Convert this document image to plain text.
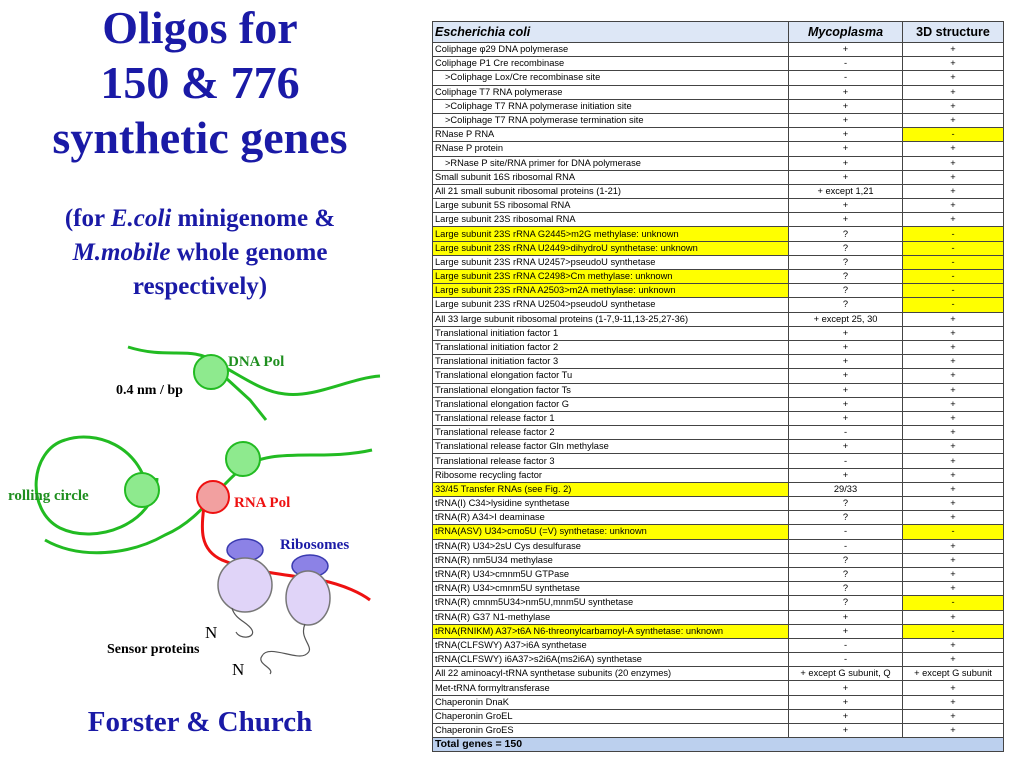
Oligos for
150 & 776
synthetic genes
(for E.coli minigenome &
M.mobile whole genome
respectively)
DNA Pol
0.4 nm / bp
rolling circle	RNA Pol
Ribosomes
N
Sensor proteins
N
Forster & Church
Escherichia coli	Mycoplasma	3D structure
Coliphage φ29 DNA polymerase	+	+
Coliphage P1 Cre recombinase	-	+
>Coliphage Lox/Cre recombinase site	-	+
Coliphage T7 RNA polymerase	+	+
>Coliphage T7 RNA polymerase initiation site	+	+
>Coliphage T7 RNA polymerase termination site	+	+
RNase P RNA	+	-
RNase P protein	+	+
>RNase P site/RNA primer for DNA polymerase	+	+
Small subunit 16S ribosomal RNA	+	+
All 21 small subunit ribosomal proteins (1-21)	+ except 1,21	+
Large subunit 5S ribosomal RNA	+	+
Large subunit 23S ribosomal RNA	+	+
Large subunit 23S rRNA G2445>m2G methylase: unknown	?	-
Large subunit 23S rRNA U2449>dihydroU synthetase: unknown	?	-
Large subunit 23S rRNA U2457>pseudoU synthetase	?	-
Large subunit 23S rRNA C2498>Cm methylase: unknown	?	-
Large subunit 23S rRNA A2503>m2A methylase: unknown	?	-
Large subunit 23S rRNA U2504>pseudoU synthetase	?	-
All 33 large subunit ribosomal proteins (1-7,9-11,13-25,27-36)	+ except 25, 30	+
Translational initiation factor 1	+	+
Translational initiation factor 2	+	+
Translational initiation factor 3	+	+
Translational elongation factor Tu	+	+
Translational elongation factor Ts	+	+
Translational elongation factor G	+	+
Translational release factor 1	+	+
Translational release factor 2	-	+
Translational release factor Gln methylase	+	+
Translational release factor 3	-	+
Ribosome recycling factor	+	+
33/45 Transfer RNAs (see Fig. 2)	29/33	+
tRNA(I) C34>lysidine synthetase	?	+
tRNA(R) A34>I deaminase	?	+
tRNA(ASV) U34>cmo5U (=V) synthetase: unknown	-	-
tRNA(R) U34>2sU Cys desulfurase	-	+
tRNA(R) nm5U34 methylase	?	+
tRNA(R) U34>cmnm5U GTPase	?	+
tRNA(R) U34>cmnm5U synthetase	?	+
tRNA(R) cmnm5U34>nm5U,mnm5U synthetase	?	-
tRNA(R) G37 N1-methylase	+	+
tRNA(RNIKM) A37>t6A N6-threonylcarbamoyl-A synthetase: unknown	+	-
tRNA(CLFSWY) A37>i6A synthetase	-	+
tRNA(CLFSWY) i6A37>s2i6A(ms2i6A) synthetase	-	+
All 22 aminoacyl-tRNA synthetase subunits (20 enzymes)	+ except G subunit, Q	+ except G subunit
Met-tRNA formyltransferase	+	+
Chaperonin DnaK	+	+
Chaperonin GroEL	+	+
Chaperonin GroES	+	+
Total genes = 150		
